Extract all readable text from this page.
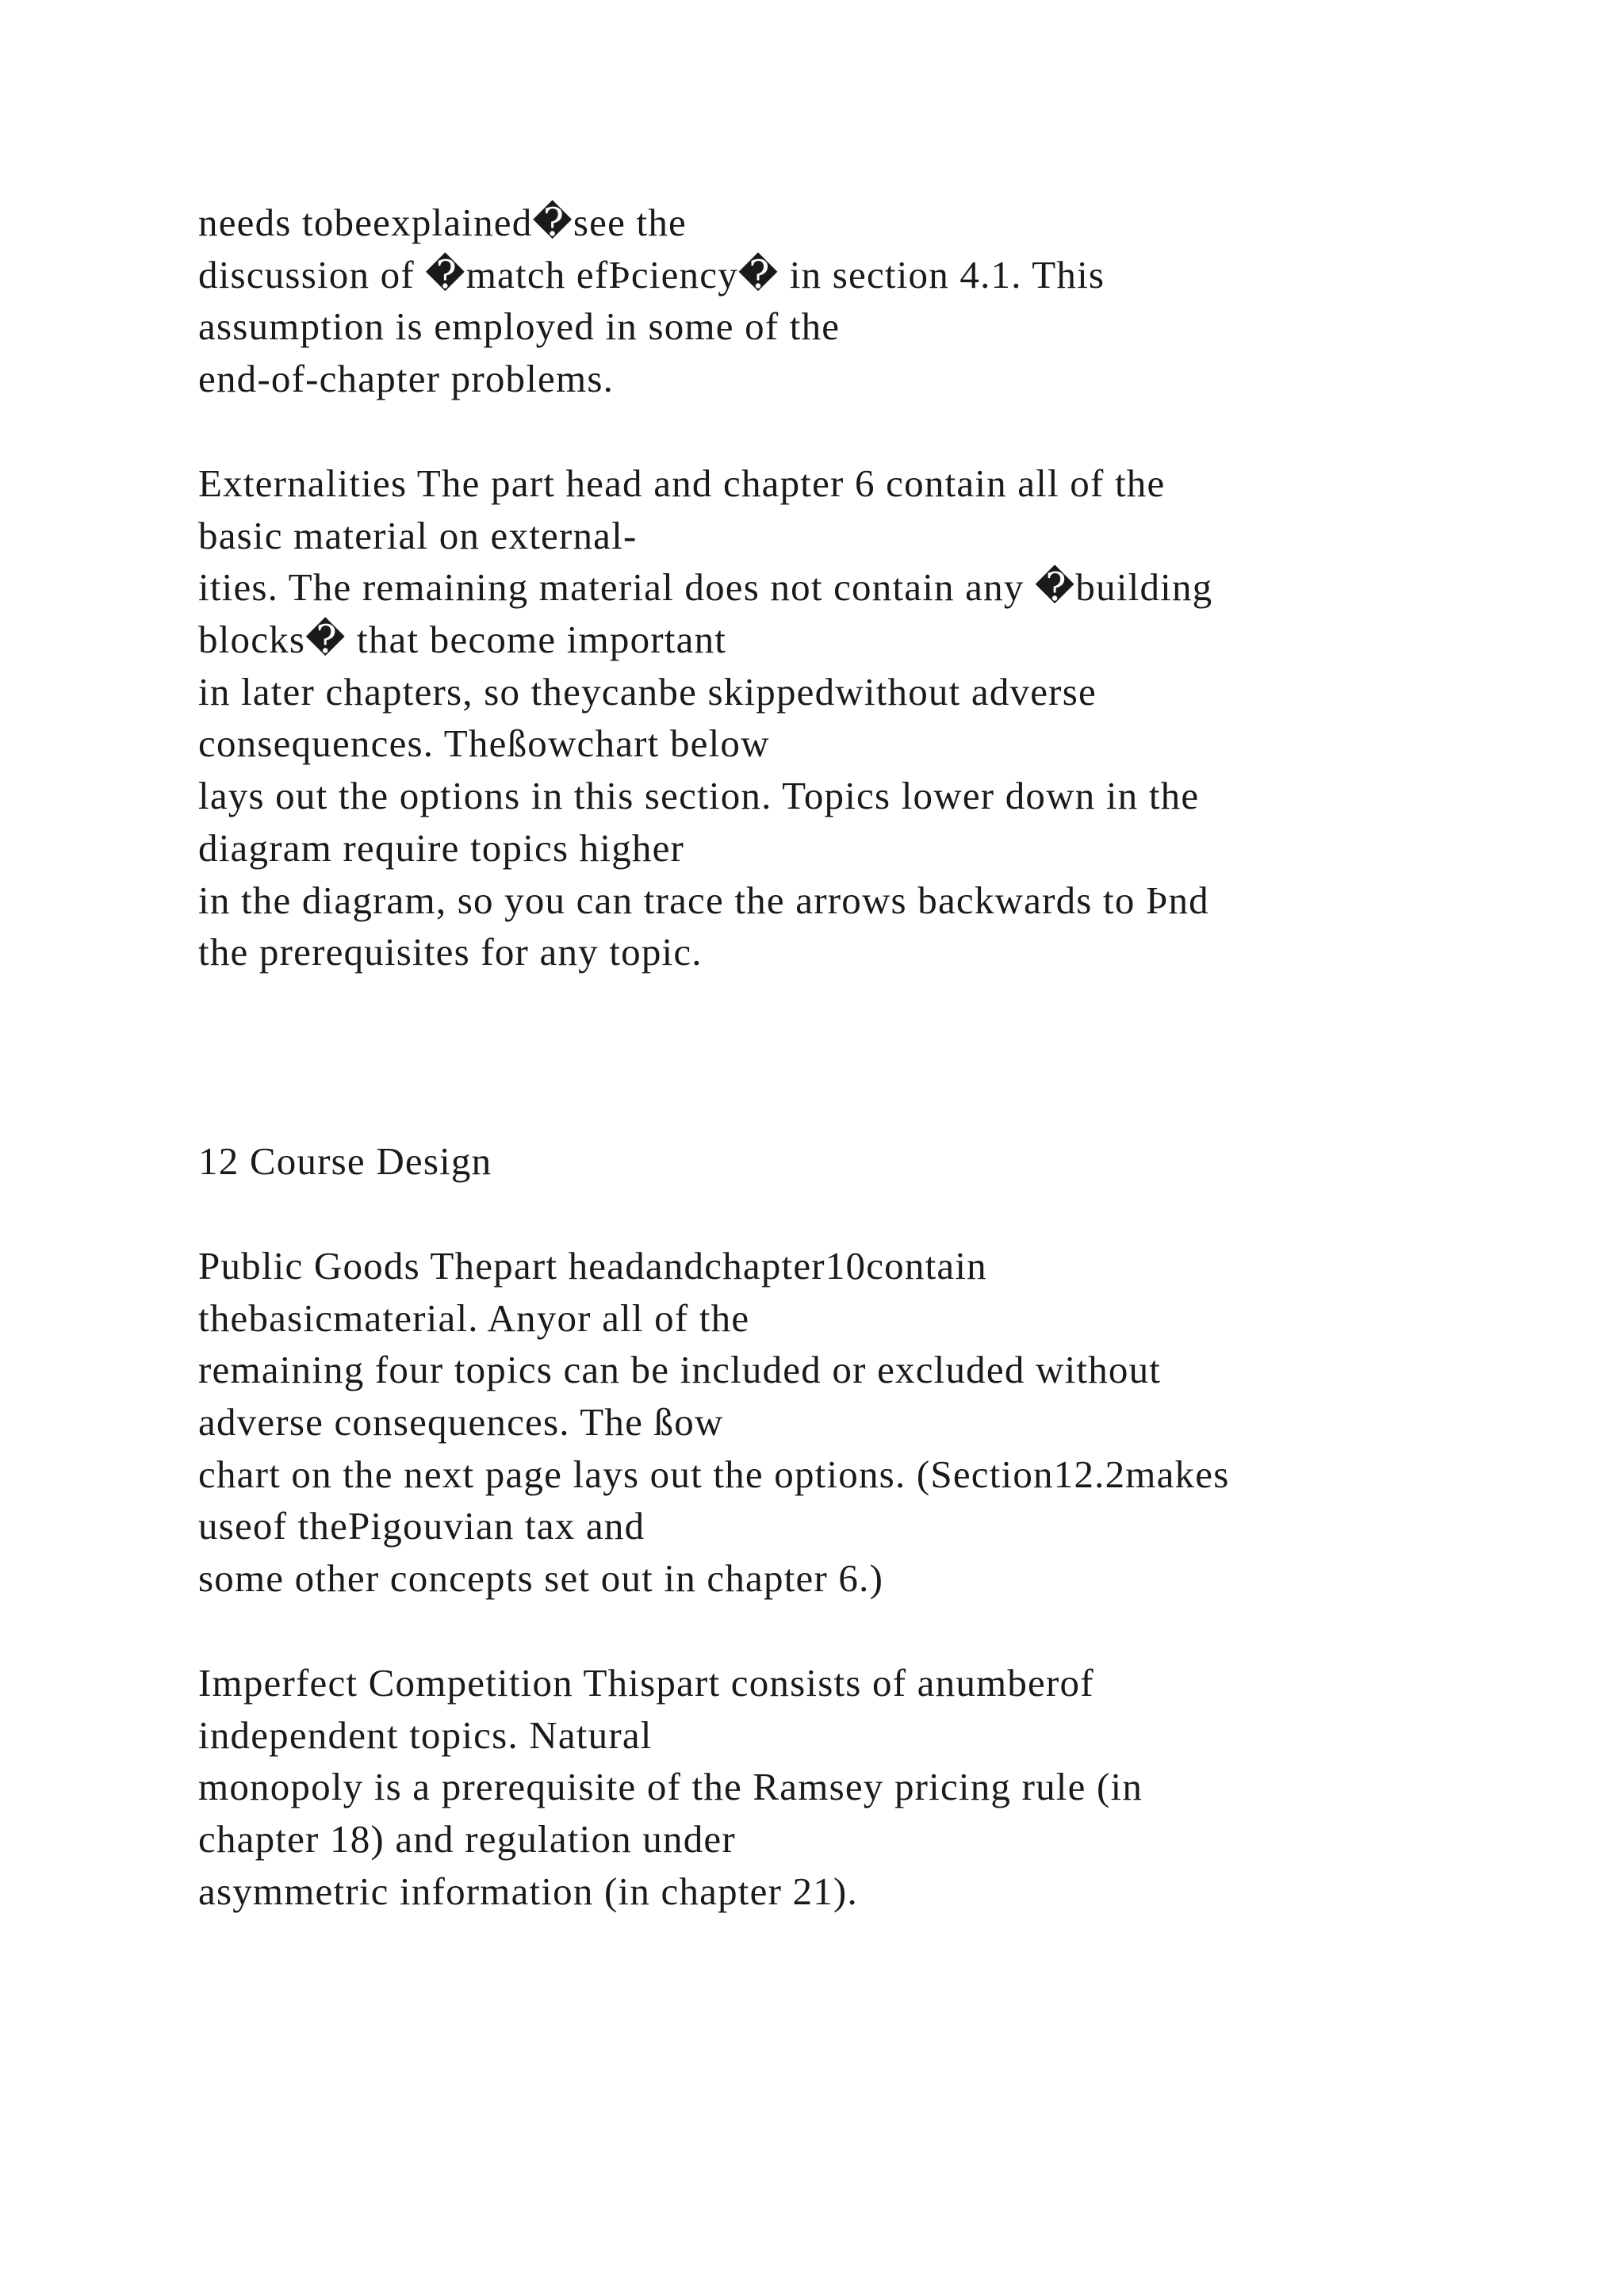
needs tobeexplained�see the
discussion of �match efÞciency� in section 4.1. This
assumption is employed in some of the
end-of-chapter problems.
Externalities The part head and chapter 6 contain all of the
basic material on external-
ities. The remaining material does not contain any �building
blocks� that become important
in later chapters, so theycanbe skippedwithout adverse
consequences. Theßowchart below
lays out the options in this section. Topics lower down in the
diagram require topics higher
in the diagram, so you can trace the arrows backwards to Þnd
the prerequisites for any topic.
12 Course Design
Public Goods Thepart headandchapter10contain
thebasicmaterial. Anyor all of the
remaining four topics can be included or excluded without
adverse consequences. The ßow
chart on the next page lays out the options. (Section12.2makes
useof thePigouvian tax and
some other concepts set out in chapter 6.)
Imperfect Competition Thispart consists of anumberof
independent topics. Natural
monopoly is a prerequisite of the Ramsey pricing rule (in
chapter 18) and regulation under
asymmetric information (in chapter 21).
